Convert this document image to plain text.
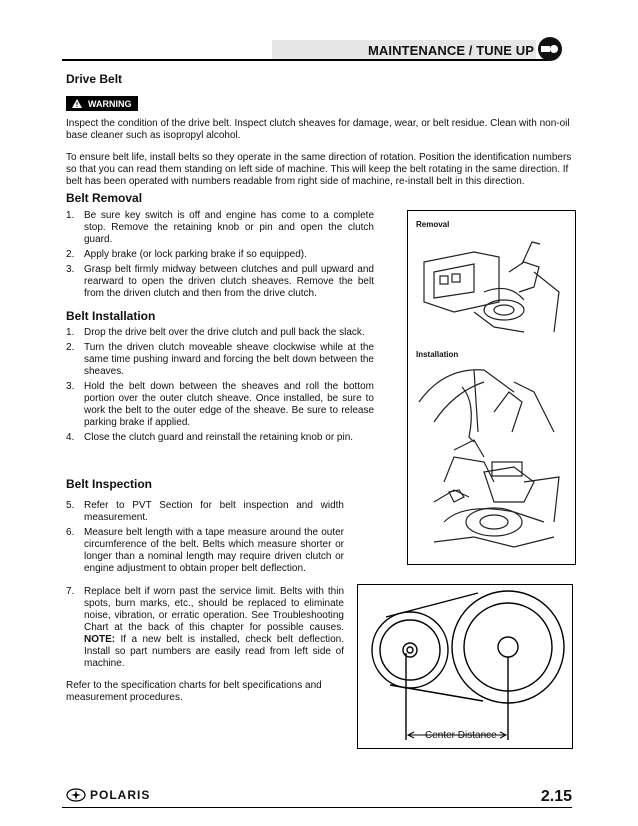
MAINTENANCE / TUNE UP
Drive Belt
WARNING
Inspect the condition of the drive belt. Inspect clutch sheaves for damage, wear, or belt residue. Clean with non-oil base cleaner such as isopropyl alcohol.
To ensure belt life, install belts so they operate in the same direction of rotation. Position the identification numbers so that you can read them standing on left side of machine. This will keep the belt rotating in the same direction. If belt has been operated with numbers readable from right side of machine, re-install belt in this direction.
Belt Removal
1. Be sure key switch is off and engine has come to a complete stop. Remove the retaining knob or pin and open the clutch guard.
2. Apply brake (or lock parking brake if so equipped).
3. Grasp belt firmly midway between clutches and pull upward and rearward to open the driven clutch sheaves. Remove the belt from the driven clutch and then from the drive clutch.
Belt Installation
1. Drop the drive belt over the drive clutch and pull back the slack.
2. Turn the driven clutch moveable sheave clockwise while at the same time pushing inward and forcing the belt down between the sheaves.
3. Hold the belt down between the sheaves and roll the bottom portion over the outer clutch sheave. Once installed, be sure to work the belt to the outer edge of the sheave. Be sure to release parking brake if applied.
4. Close the clutch guard and reinstall the retaining knob or pin.
Belt Inspection
5. Refer to PVT Section for belt inspection and width measurement.
6. Measure belt length with a tape measure around the outer circumference of the belt. Belts which measure shorter or longer than a nominal length may require driven clutch or engine adjustment to obtain proper belt deflection.
7. Replace belt if worn past the service limit. Belts with thin spots, burn marks, etc., should be replaced to eliminate noise, vibration, or erratic operation. See Troubleshooting Chart at the back of this chapter for possible causes. NOTE: If a new belt is installed, check belt deflection. Install so part numbers are easily read from left side of machine.
Refer to the specification charts for belt specifications and measurement procedures.
Removal
Installation
Center Distance
POLARIS	2.15
